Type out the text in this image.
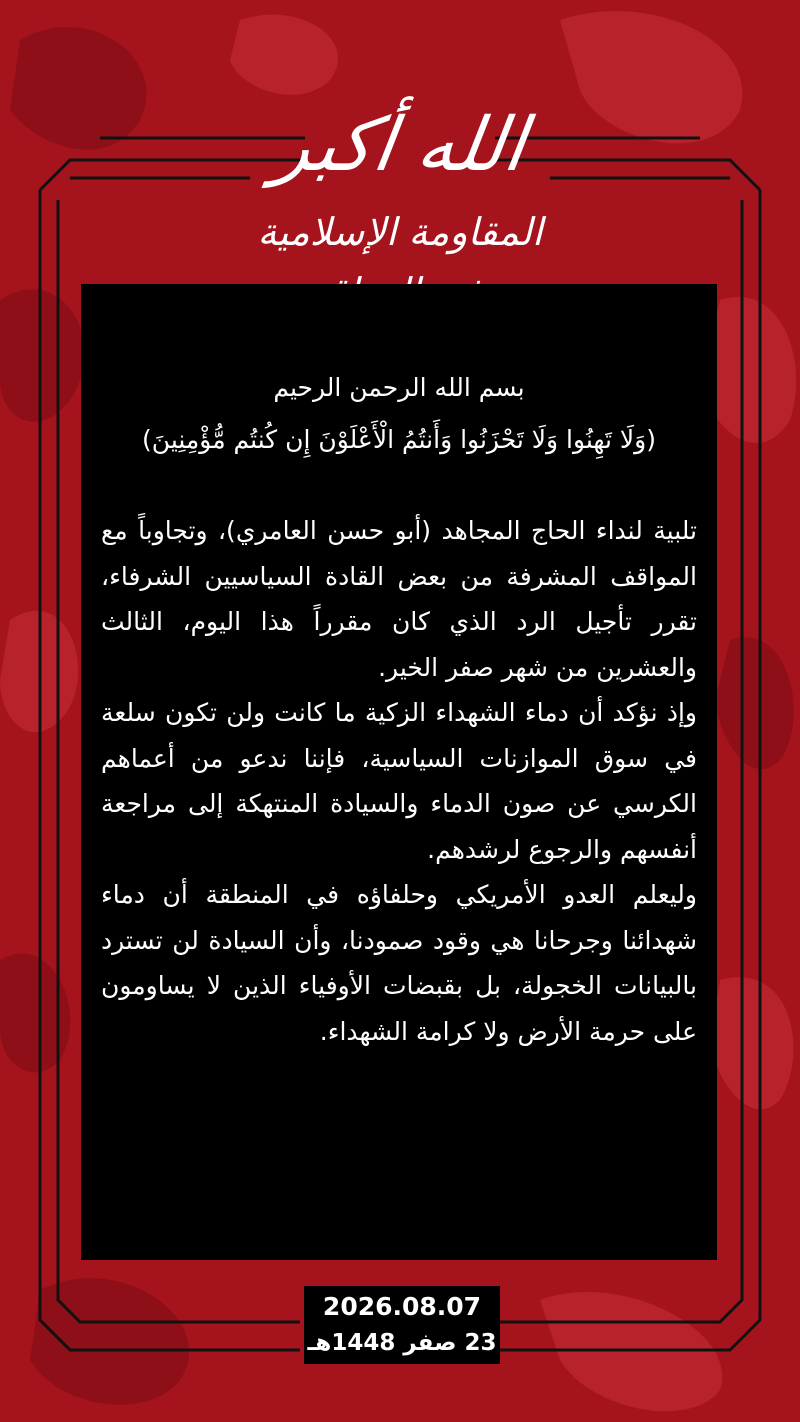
الله أكبر
المقاومة الإسلامية
بسم الله الرحمن الرحيم
(وَلَا تَهِنُوا وَلَا تَحْزَنُوا وَأَنتُمُ الْأَعْلَوْنَ إِن كُنتُم مُّؤْمِنِينَ)

تلبية لنداء الحاج المجاهد (أبو حسن العامري)، وتجاوباً مع المواقف المشرفة من بعض القادة السياسيين الشرفاء، تقرر تأجيل الرد الذي كان مقرراً هذا اليوم، الثالث والعشرين من شهر صفر الخير.

وإذ نؤكد أن دماء الشهداء الزكية ما كانت ولن تكون سلعة في سوق الموازنات السياسية، فإننا ندعو من أعماهم الكرسي عن صون الدماء والسيادة المنتهكة إلى مراجعة أنفسهم والرجوع لرشدهم.

وليعلم العدو الأمريكي وحلفاؤه في المنطقة أن دماء شهدائنا وجرحانا هي وقود صمودنا، وأن السيادة لن تسترد بالبيانات الخجولة، بل بقبضات الأوفياء الذين لا يساومون على حرمة الأرض ولا كرامة الشهداء.

2026.08.07
23 صفر 1448هـ
